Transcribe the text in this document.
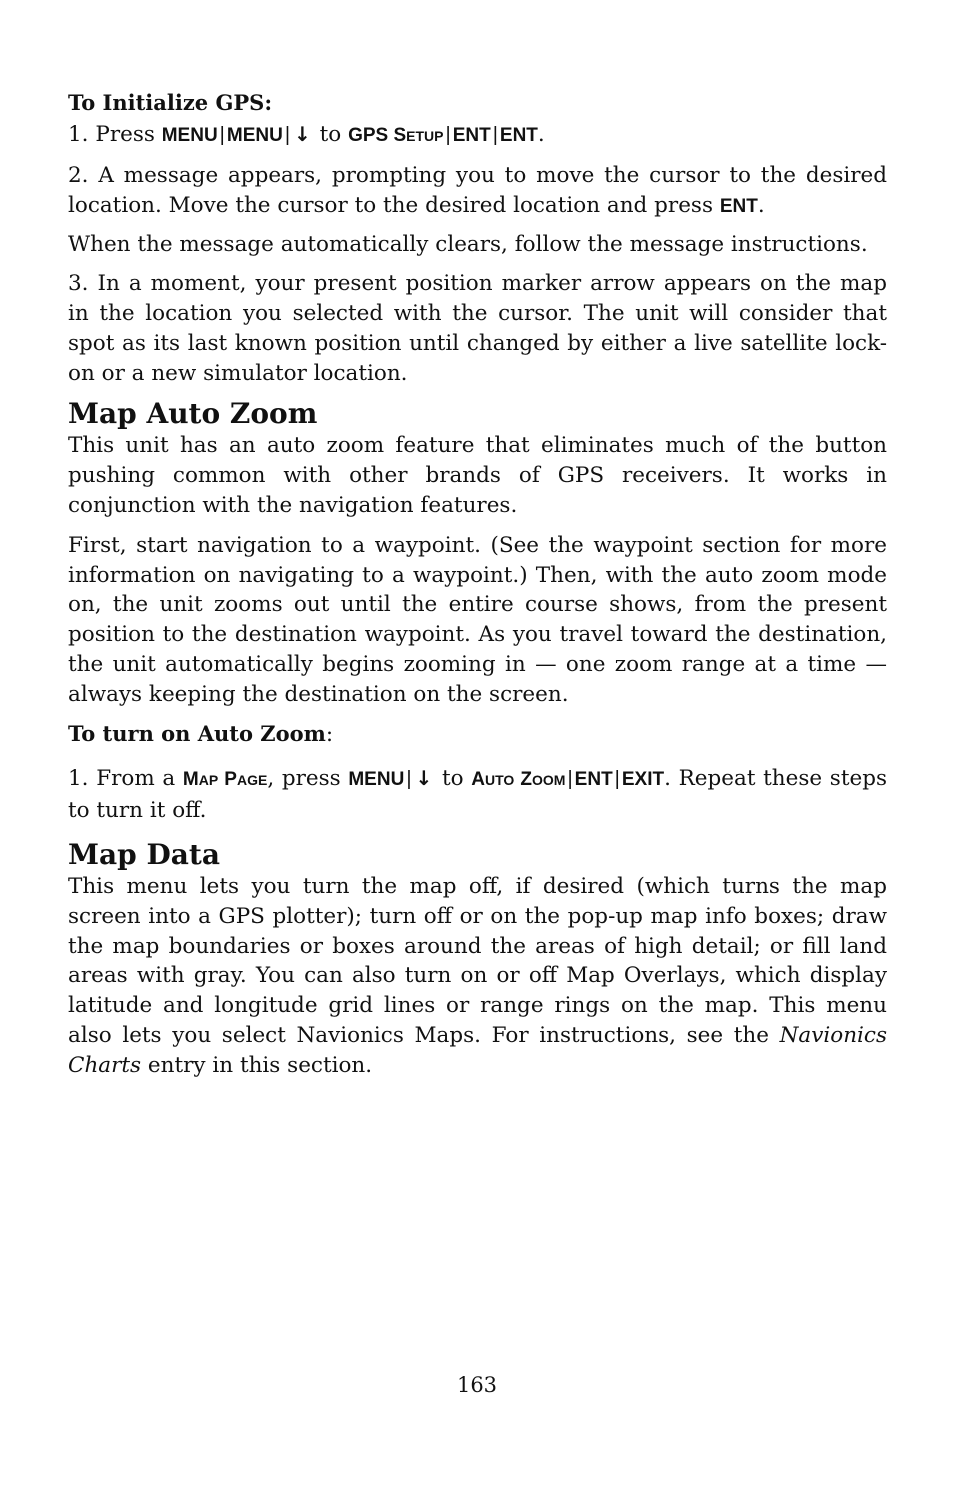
To Initialize GPS:

1. Press MENU | MENU | ↓ to GPS SETUP | ENT | ENT.

2. A message appears, prompting you to move the cursor to the desired location. Move the cursor to the desired location and press ENT.

When the message automatically clears, follow the message instructions.

3. In a moment, your present position marker arrow appears on the map in the location you selected with the cursor. The unit will consider that spot as its last known position until changed by either a live satellite lock-on or a new simulator location.

Map Auto Zoom

This unit has an auto zoom feature that eliminates much of the button pushing common with other brands of GPS receivers. It works in conjunction with the navigation features.

First, start navigation to a waypoint. (See the waypoint section for more information on navigating to a waypoint.) Then, with the auto zoom mode on, the unit zooms out until the entire course shows, from the present position to the destination waypoint. As you travel toward the destination, the unit automatically begins zooming in — one zoom range at a time — always keeping the destination on the screen.

To turn on Auto Zoom:

1. From a MAP PAGE, press MENU | ↓ to AUTO ZOOM | ENT | EXIT. Repeat these steps to turn it off.

Map Data

This menu lets you turn the map off, if desired (which turns the map screen into a GPS plotter); turn off or on the pop-up map info boxes; draw the map boundaries or boxes around the areas of high detail; or fill land areas with gray. You can also turn on or off Map Overlays, which display latitude and longitude grid lines or range rings on the map. This menu also lets you select Navionics Maps. For instructions, see the Navionics Charts entry in this section.

163
